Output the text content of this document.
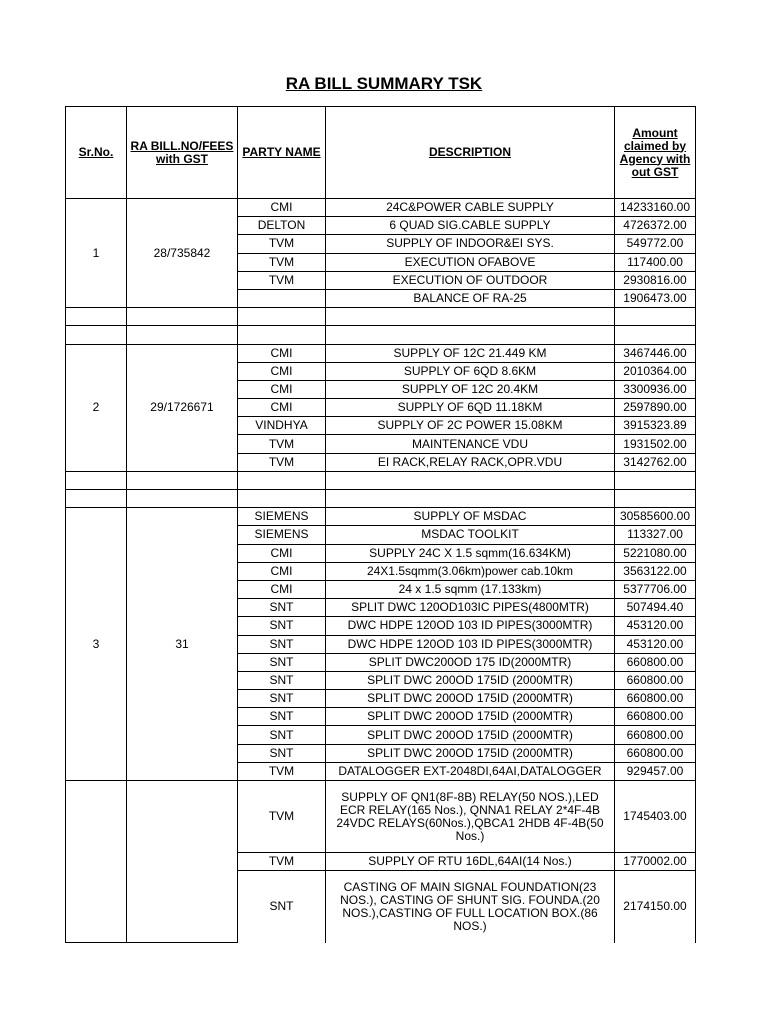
RA BILL SUMMARY TSK
Sr.No.	RA BILL.NO/FEES with GST	PARTY NAME	DESCRIPTION	Amount claimed by Agency with out GST
1	28/735842	CMI	24C&POWER CABLE SUPPLY	14233160.00
		DELTON	6 QUAD SIG.CABLE SUPPLY	4726372.00
		TVM	SUPPLY OF INDOOR&EI SYS.	549772.00
		TVM	EXECUTION OFABOVE	117400.00
		TVM	EXECUTION OF OUTDOOR	2930816.00
			BALANCE OF RA-25	1906473.00

2	29/1726671	CMI	SUPPLY OF 12C 21.449 KM	3467446.00
		CMI	SUPPLY OF 6QD 8.6KM	2010364.00
		CMI	SUPPLY OF 12C 20.4KM	3300936.00
		CMI	SUPPLY OF 6QD 11.18KM	2597890.00
		VINDHYA	SUPPLY OF 2C POWER 15.08KM	3915323.89
		TVM	MAINTENANCE VDU	1931502.00
		TVM	EI RACK,RELAY RACK,OPR.VDU	3142762.00

3	31	SIEMENS	SUPPLY OF MSDAC	30585600.00
		SIEMENS	MSDAC TOOLKIT	113327.00
		CMI	SUPPLY 24C X 1.5 sqmm(16.634KM)	5221080.00
		CMI	24X1.5sqmm(3.06km)power cab.10km	3563122.00
		CMI	24 x 1.5 sqmm (17.133km)	5377706.00
		SNT	SPLIT DWC 120OD103IC PIPES(4800MTR)	507494.40
		SNT	DWC HDPE 120OD 103 ID PIPES(3000MTR)	453120.00
		SNT	DWC HDPE 120OD 103 ID PIPES(3000MTR)	453120.00
		SNT	SPLIT DWC200OD 175 ID(2000MTR)	660800.00
		SNT	SPLIT DWC 200OD 175ID (2000MTR)	660800.00
		SNT	SPLIT DWC 200OD 175ID (2000MTR)	660800.00
		SNT	SPLIT DWC 200OD 175ID (2000MTR)	660800.00
		SNT	SPLIT DWC 200OD 175ID (2000MTR)	660800.00
		SNT	SPLIT DWC 200OD 175ID (2000MTR)	660800.00
		TVM	DATALOGGER EXT-2048DI,64AI,DATALOGGER	929457.00
		TVM	SUPPLY OF QN1(8F-8B) RELAY(50 NOS.),LED ECR RELAY(165 Nos.), QNNA1 RELAY 2*4F-4B 24VDC RELAYS(60Nos.),QBCA1 2HDB 4F-4B(50 Nos.)	1745403.00
		TVM	SUPPLY OF RTU 16DL,64AI(14 Nos.)	1770002.00
		SNT	CASTING OF MAIN SIGNAL FOUNDATION(23 NOS.), CASTING OF SHUNT SIG. FOUNDA.(20 NOS.),CASTING OF FULL LOCATION BOX.(86 NOS.)	2174150.00
